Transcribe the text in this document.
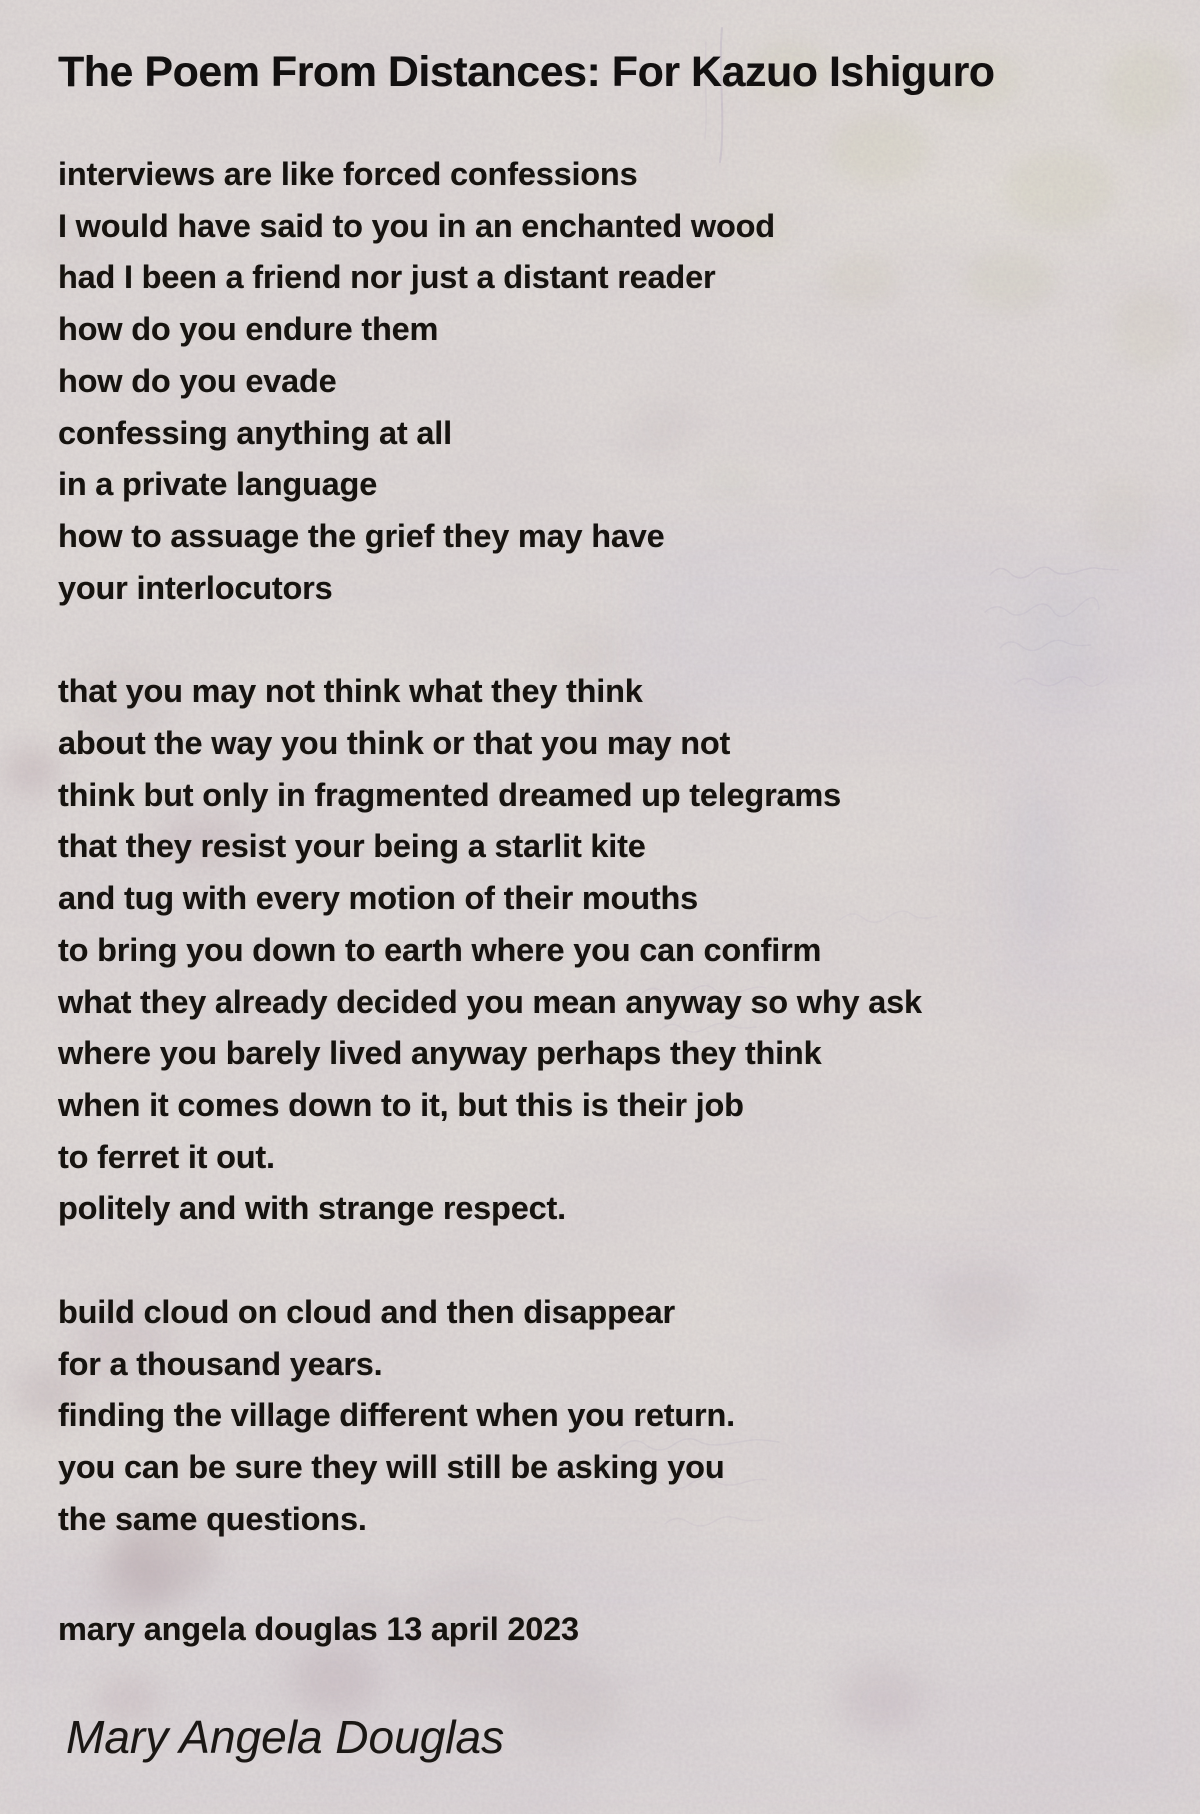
The Poem From Distances: For Kazuo Ishiguro
interviews are like forced confessions
I would have said to you in an enchanted wood
had I been a friend nor just a distant reader
how do you endure them
how do you evade
confessing anything at all
in a private language
how to assuage the grief they may have
your interlocutors
that you may not think what they think
about the way you think or that you may not
think but only in fragmented dreamed up telegrams
that they resist your being a starlit kite
and tug with every motion of their mouths
to bring you down to earth where you can confirm
what they already decided you mean anyway so why ask
where you barely lived anyway perhaps they think
when it comes down to it, but this is their job
to ferret it out.
politely and with strange respect.
build cloud on cloud and then disappear
for a thousand years.
finding the village different when you return.
you can be sure they will still be asking you
the same questions.
mary angela douglas 13 april 2023
Mary Angela Douglas
